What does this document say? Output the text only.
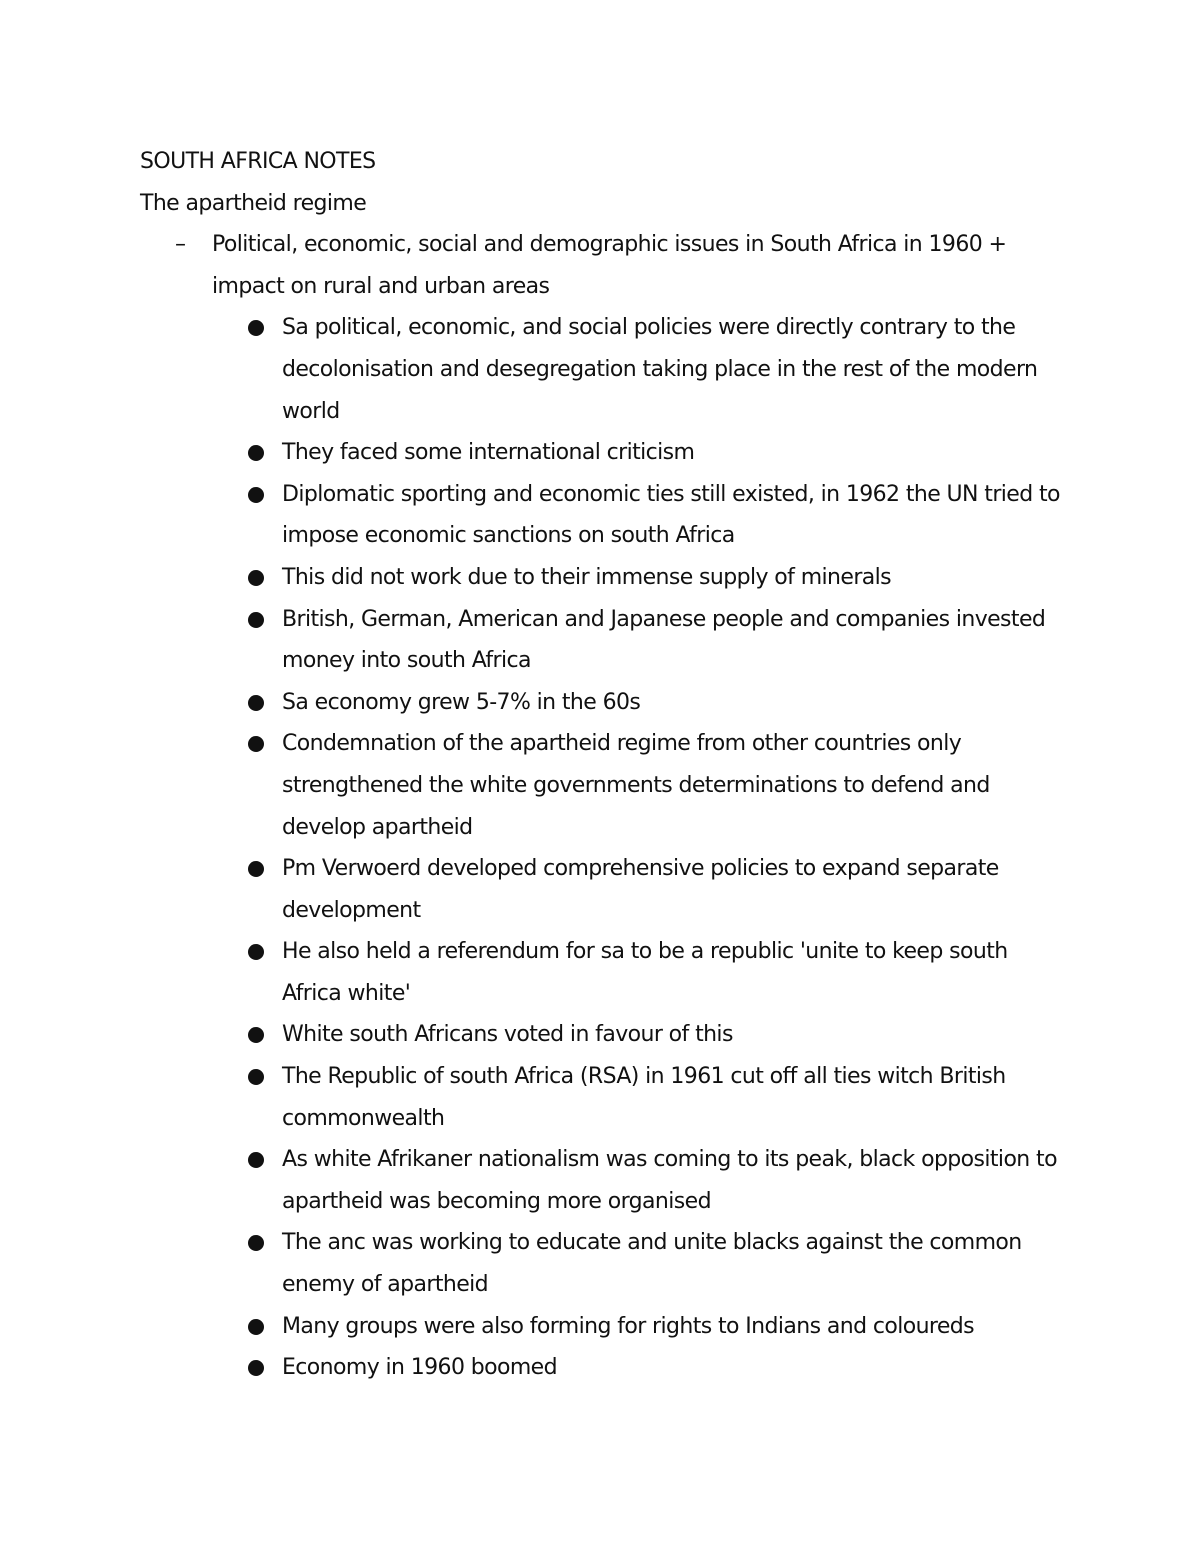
SOUTH AFRICA NOTES
The apartheid regime
– Political, economic, social and demographic issues in South Africa in 1960 + impact on rural and urban areas
Sa political, economic, and social policies were directly contrary to the decolonisation and desegregation taking place in the rest of the modern world
They faced some international criticism
Diplomatic sporting and economic ties still existed, in 1962 the UN tried to impose economic sanctions on south Africa
This did not work due to their immense supply of minerals
British, German, American and Japanese people and companies invested money into south Africa
Sa economy grew 5-7% in the 60s
Condemnation of the apartheid regime from other countries only strengthened the white governments determinations to defend and develop apartheid
Pm Verwoerd developed comprehensive policies to expand separate development
He also held a referendum for sa to be a republic 'unite to keep south Africa white'
White south Africans voted in favour of this
The Republic of south Africa (RSA) in 1961 cut off all ties witch British commonwealth
As white Afrikaner nationalism was coming to its peak, black opposition to apartheid was becoming more organised
The anc was working to educate and unite blacks against the common enemy of apartheid
Many groups were also forming for rights to Indians and coloureds
Economy in 1960 boomed
